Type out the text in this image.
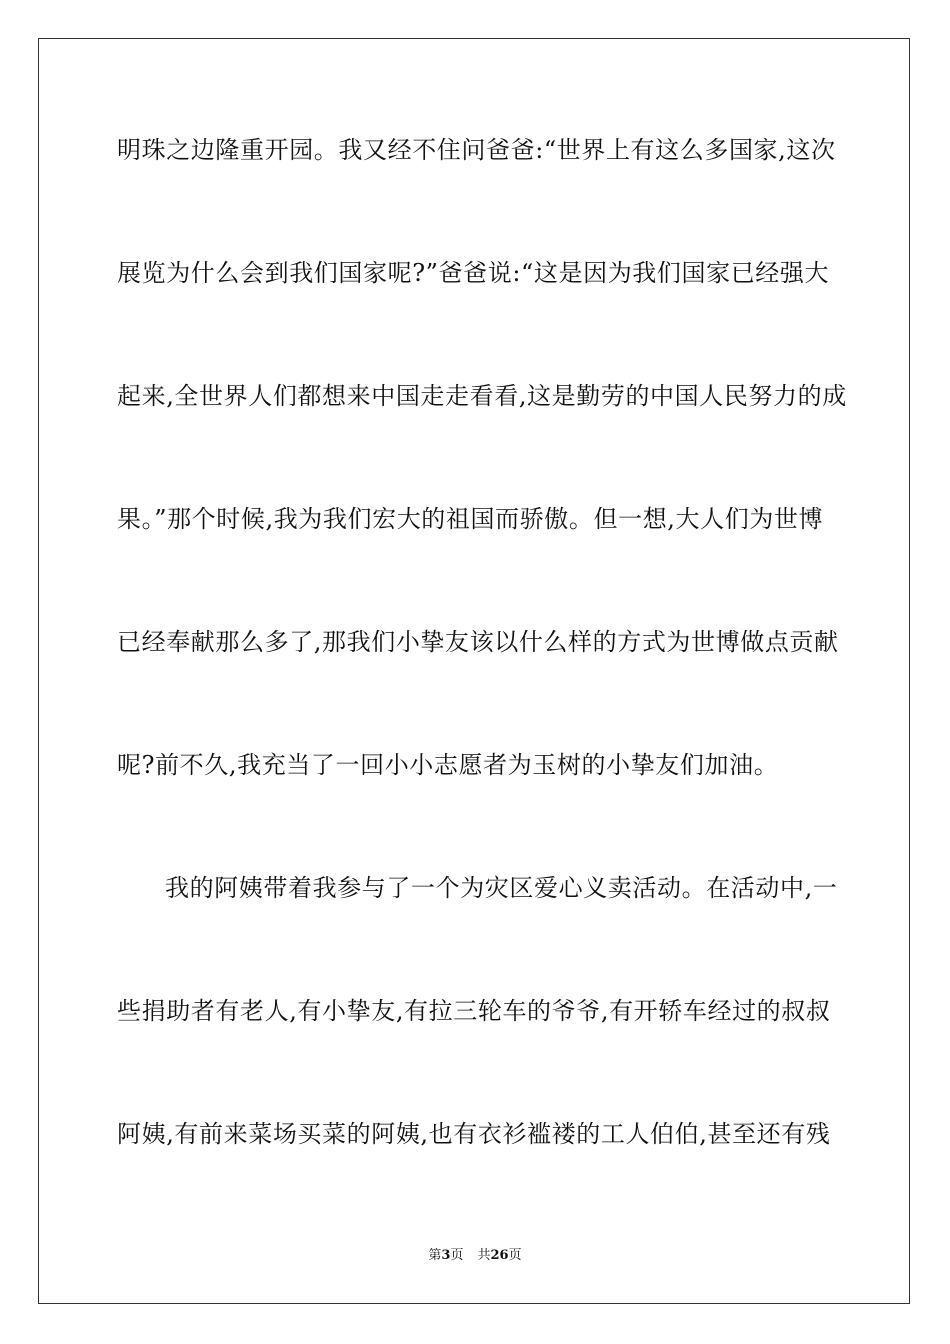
明珠之边隆重开园。我又经不住问爸爸:“世界上有这么多国家,这次
展览为什么会到我们国家呢?”爸爸说:“这是因为我们国家已经强大
起来,全世界人们都想来中国走走看看,这是勤劳的中国人民努力的成
果。”那个时候,我为我们宏大的祖国而骄傲。但一想,大人们为世博
已经奉献那么多了,那我们小挚友该以什么样的方式为世博做点贡献
呢?前不久,我充当了一回小小志愿者为玉树的小挚友们加油。
我的阿姨带着我参与了一个为灾区爱心义卖活动。在活动中,一
些捐助者有老人,有小挚友,有拉三轮车的爷爷,有开轿车经过的叔叔
阿姨,有前来菜场买菜的阿姨,也有衣衫褴褛的工人伯伯,甚至还有残
第3页 共26页
